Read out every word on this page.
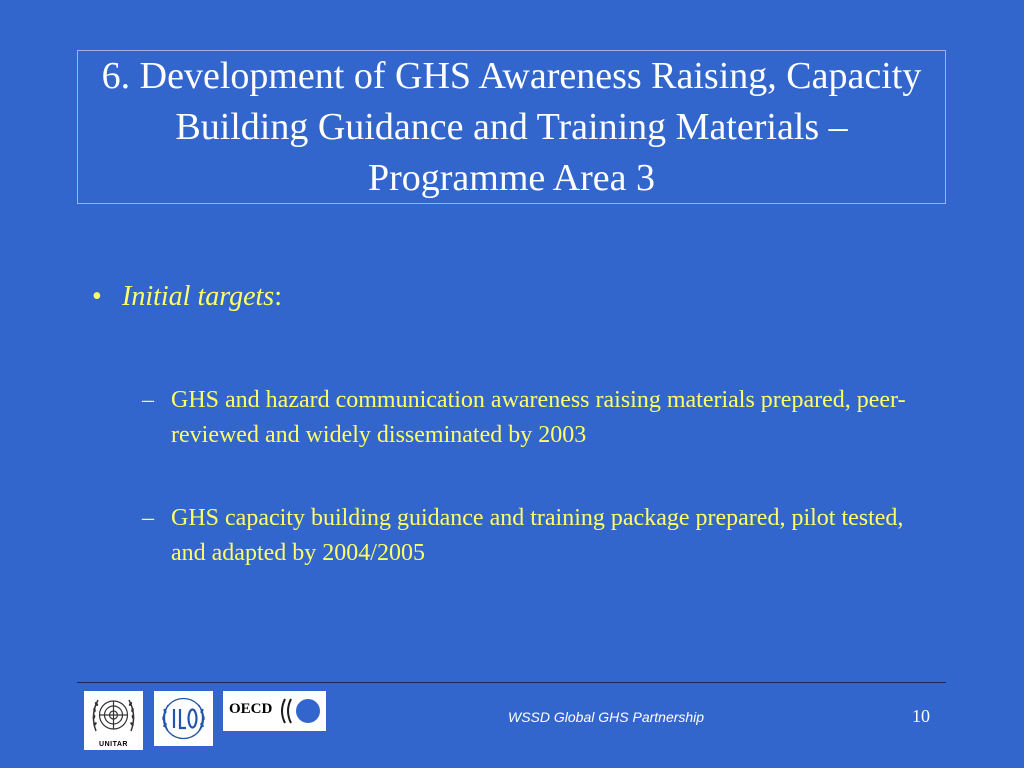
6. Development of GHS Awareness Raising, Capacity Building Guidance and Training Materials – Programme Area 3
• Initial targets:
– GHS and hazard communication awareness raising materials prepared, peer-reviewed and widely disseminated by 2003
– GHS capacity building guidance and training package prepared, pilot tested, and adapted by 2004/2005
UNITAR
OECD	WSSD Global GHS Partnership	10
